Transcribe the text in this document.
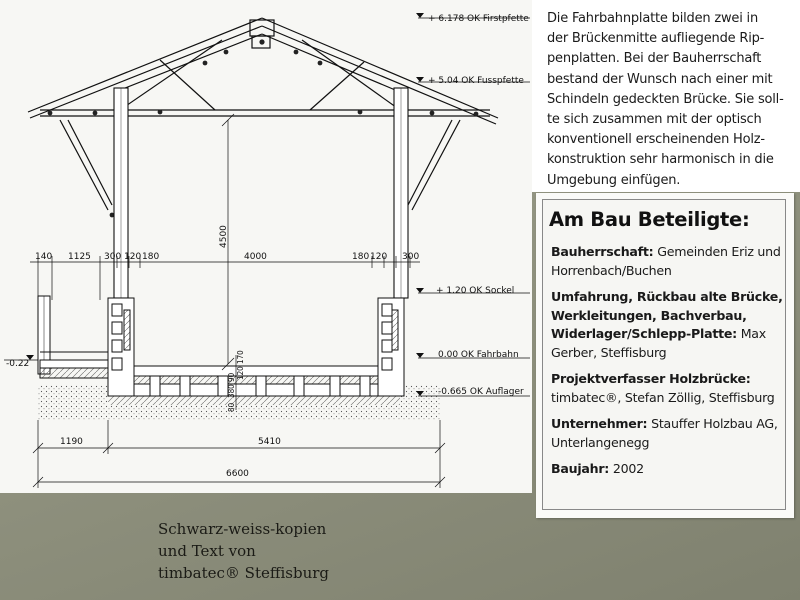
+ 6.178 OK Firstpfette
+ 5.04 OK Fusspfette
+ 1.20 OK Sockel
0.00 OK Fahrbahn
-0.665 OK Auflager
-0.22
140 1125 300 120 180	4000	180 120 300
4500
80
380
90 120
170
1190	5410
6600
Die Fahrbahnplatte bilden zwei in
der Brückenmitte aufliegende Rip-
penplatten. Bei der Bauherrschaft
bestand der Wunsch nach einer mit
Schindeln gedeckten Brücke. Sie soll-
te sich zusammen mit der optisch
konventionell erscheinenden Holz-
konstruktion sehr harmonisch in die
Umgebung einfügen.
Am Bau Beteiligte:

Bauherrschaft: Gemeinden Eriz und Horrenbach/Buchen

Umfahrung, Rückbau alte Brücke, Werkleitungen, Bachverbau, Widerlager/Schlepp-Platte: Max Gerber, Steffisburg

Projektverfasser Holzbrücke: timbatec®, Stefan Zöllig, Steffisburg

Unternehmer: Stauffer Holzbau AG, Unterlangenegg

Baujahr: 2002

Schwarz-weiss-kopien
und Text von
timbatec® Steffisburg
